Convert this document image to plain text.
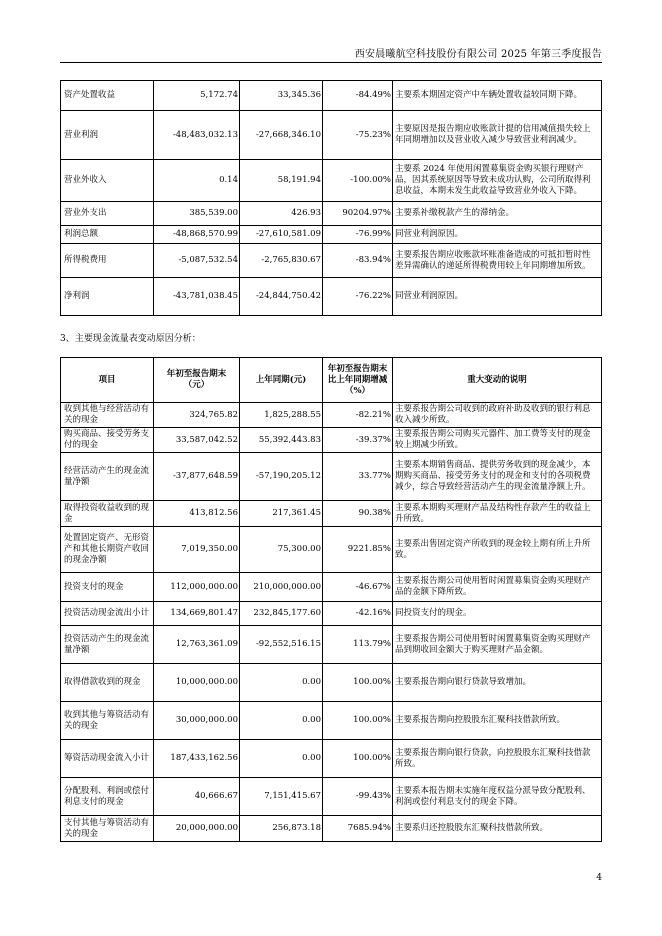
西安晨曦航空科技股份有限公司 2025 年第三季度报告
资产处置收益	5,172.74	33,345.36	-84.49%	主要系本期固定资产中车辆处置收益较同期下降。
营业利润	-48,483,032.13	-27,668,346.10	-75.23%	主要原因是报告期应收账款计提的信用减值损失较上年同期增加以及营业收入减少导致营业利润减少。
营业外收入	0.14	58,191.94	-100.00%	主要系 2024 年使用闲置募集资金购买银行理财产品，因其系统原因等导致未成功认购，公司所取得利息收益，本期未发生此收益导致营业外收入下降。
营业外支出	385,539.00	426.93	90204.97%	主要系补缴税款产生的滞纳金。
利润总额	-48,868,570.99	-27,610,581.09	-76.99%	同营业利润原因。
所得税费用	-5,087,532.54	-2,765,830.67	-83.94%	主要系报告期应收账款坏账准备造成的可抵扣暂时性差异需确认的递延所得税费用较上年同期增加所致。
净利润	-43,781,038.45	-24,844,750.42	-76.22%	同营业利润原因。
3、主要现金流量表变动原因分析：
项目	年初至报告期末（元）	上年同期(元)	年初至报告期末比上年同期增减（%）	重大变动的说明
收到其他与经营活动有关的现金	324,765.82	1,825,288.55	-82.21%	主要系报告期公司收到的政府补助及收到的银行利息收入减少所致。
购买商品、接受劳务支付的现金	33,587,042.52	55,392,443.83	-39.37%	主要系报告期公司购买元器件、加工费等支付的现金较上期减少所致。
经营活动产生的现金流量净额	-37,877,648.59	-57,190,205.12	33.77%	主要系本期销售商品、提供劳务收到的现金减少，本期购买商品、接受劳务支付的现金和支付的各项税费减少，综合导致经营活动产生的现金流量净额上升。
取得投资收益收到的现金	413,812.56	217,361.45	90.38%	主要系本期购买理财产品及结构性存款产生的收益上升所致。
处置固定资产、无形资产和其他长期资产收回的现金净额	7,019,350.00	75,300.00	9221.85%	主要系出售固定资产所收到的现金较上期有所上升所致。
投资支付的现金	112,000,000.00	210,000,000.00	-46.67%	主要系报告期公司使用暂时闲置募集资金购买理财产品的金额下降所致。
投资活动现金流出小计	134,669,801.47	232,845,177.60	-42.16%	同投资支付的现金。
投资活动产生的现金流量净额	12,763,361.09	-92,552,516.15	113.79%	主要系报告期公司使用暂时闲置募集资金购买理财产品到期收回金额大于购买理财产品金额。
取得借款收到的现金	10,000,000.00	0.00	100.00%	主要系报告期向银行贷款导致增加。
收到其他与筹资活动有关的现金	30,000,000.00	0.00	100.00%	主要系报告期向控股股东汇聚科技借款所致。
筹资活动现金流入小计	187,433,162.56	0.00	100.00%	主要系报告期向银行贷款，向控股股东汇聚科技借款所致。
分配股利、利润或偿付利息支付的现金	40,666.67	7,151,415.67	-99.43%	主要系本报告期未实施年度权益分派导致分配股利、利润或偿付利息支付的现金下降。
支付其他与筹资活动有关的现金	20,000,000.00	256,873.18	7685.94%	主要系归还控股股东汇聚科技借款所致。
4
